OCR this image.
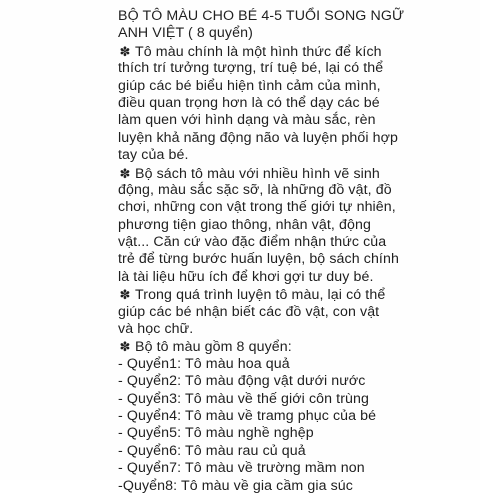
BỘ TÔ MÀU CHO BÉ 4-5 TUỔI SONG NGỮ
ANH VIỆT ( 8 quyển)
✽ Tô màu chính là một hình thức để kích
thích trí tưởng tượng, trí tuệ bé, lại có thể
giúp các bé biểu hiện tình cảm của mình,
điều quan trọng hơn là có thể dạy các bé
làm quen với hình dạng và màu sắc, rèn
luyện khả năng động não và luyện phối hợp
tay của bé.
✽ Bộ sách tô màu với nhiều hình vẽ sinh
động, màu sắc sặc sỡ, là những đồ vật, đồ
chơi, những con vật trong thế giới tự nhiên,
phương tiện giao thông, nhân vật, động
vật... Căn cứ vào đặc điểm nhận thức của
trẻ để từng bước huấn luyện, bộ sách chính
là tài liệu hữu ích để khơi gợi tư duy bé.
✽ Trong quá trình luyện tô màu, lại có thể
giúp các bé nhận biết các đồ vật, con vật
và học chữ.
✽ Bộ tô màu gồm 8 quyển:
- Quyển1: Tô màu hoa quả
- Quyển2: Tô màu động vật dưới nước
- Quyển3: Tô màu về thế giới côn trùng
- Quyển4: Tô màu về tramg phục của bé
- Quyển5: Tô màu nghề nghệp
- Quyển6: Tô màu rau củ quả
- Quyển7: Tô màu về trường mầm non
-Quyển8: Tô màu về gia cầm gia súc
